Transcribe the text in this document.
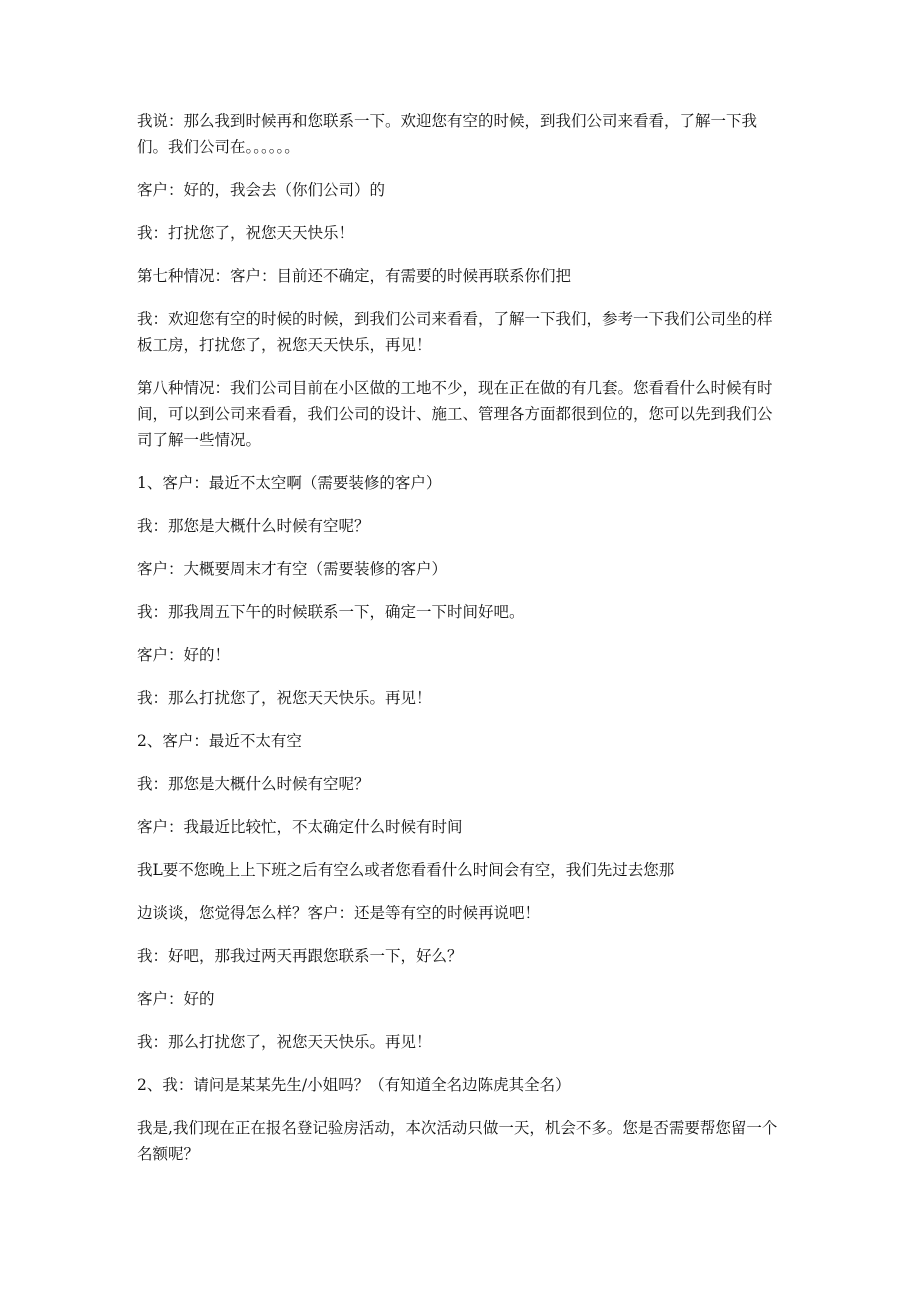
我说：那么我到时候再和您联系一下。欢迎您有空的时候，到我们公司来看看，了解一下我们。我们公司在。。。。。。

客户：好的，我会去（你们公司）的

我：打扰您了，祝您天天快乐！

第七种情况：客户：目前还不确定，有需要的时候再联系你们把

我：欢迎您有空的时候的时候，到我们公司来看看，了解一下我们，参考一下我们公司坐的样板工房，打扰您了，祝您天天快乐，再见！

第八种情况：我们公司目前在小区做的工地不少，现在正在做的有几套。您看看什么时候有时间，可以到公司来看看，我们公司的设计、施工、管理各方面都很到位的，您可以先到我们公司了解一些情况。

1、客户：最近不太空啊（需要装修的客户）

我：那您是大概什么时候有空呢？

客户：大概要周末才有空（需要装修的客户）

我：那我周五下午的时候联系一下，确定一下时间好吧。

客户：好的！

我：那么打扰您了，祝您天天快乐。再见！

2、客户：最近不太有空

我：那您是大概什么时候有空呢？

客户：我最近比较忙，不太确定什么时候有时间

我L要不您晚上上下班之后有空么或者您看看什么时间会有空，我们先过去您那

边谈谈，您觉得怎么样？客户：还是等有空的时候再说吧！

我：好吧，那我过两天再跟您联系一下，好么？

客户：好的

我：那么打扰您了，祝您天天快乐。再见！

2、我：请问是某某先生/小姐吗？（有知道全名边陈虎其全名）

我是,我们现在正在报名登记验房活动，本次活动只做一天，机会不多。您是否需要帮您留一个名额呢？
